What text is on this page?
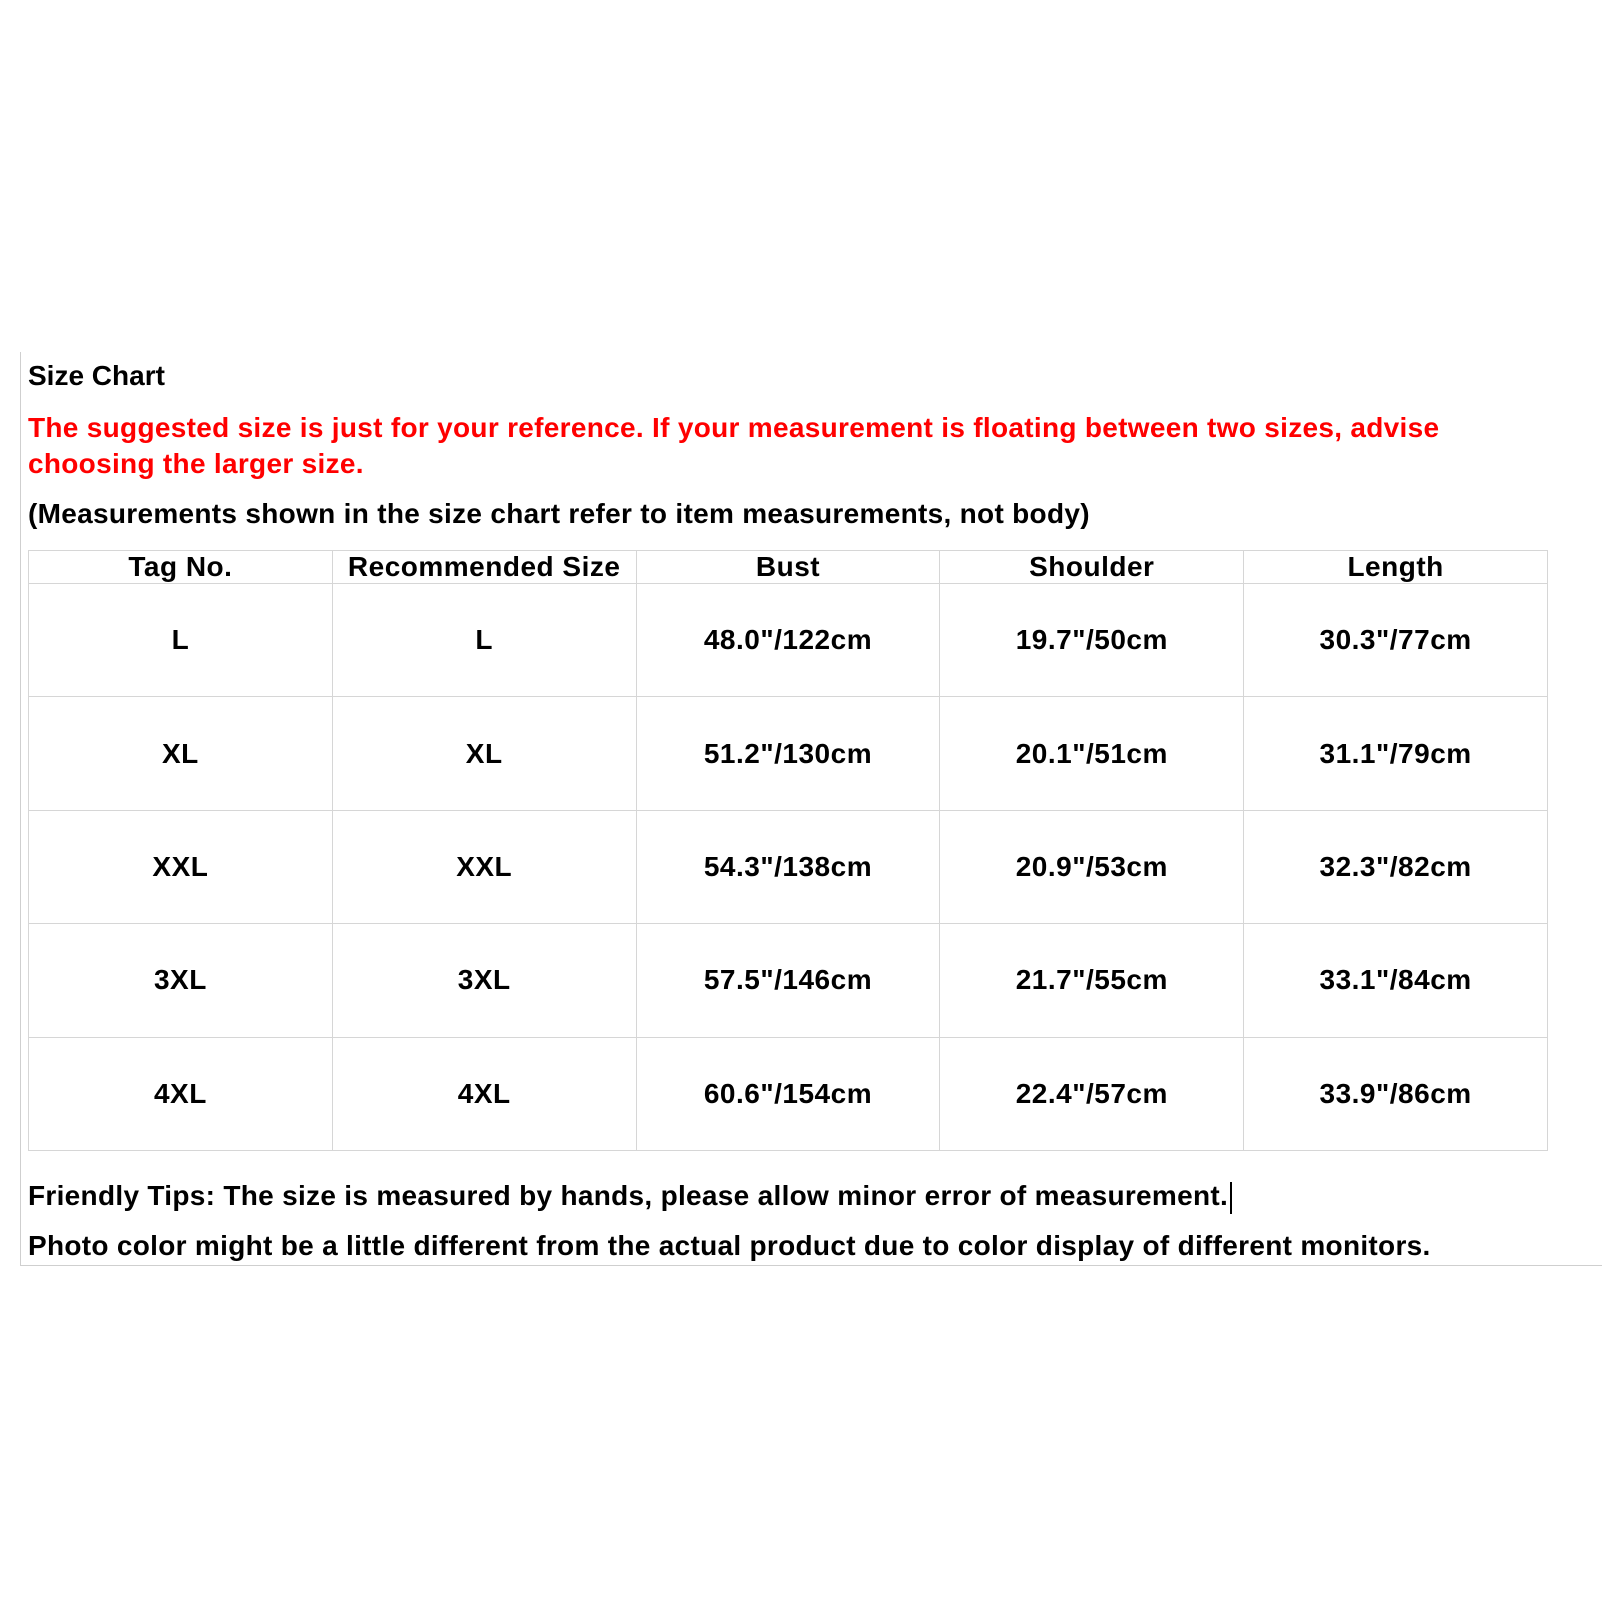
Size Chart
The suggested size is just for your reference. If your measurement is floating between two sizes, advise choosing the larger size.
(Measurements shown in the size chart refer to item measurements, not body)
Tag No.	Recommended Size	Bust	Shoulder	Length
L	L	48.0"/122cm	19.7"/50cm	30.3"/77cm
XL	XL	51.2"/130cm	20.1"/51cm	31.1"/79cm
XXL	XXL	54.3"/138cm	20.9"/53cm	32.3"/82cm
3XL	3XL	57.5"/146cm	21.7"/55cm	33.1"/84cm
4XL	4XL	60.6"/154cm	22.4"/57cm	33.9"/86cm
Friendly Tips: The size is measured by hands, please allow minor error of measurement.
Photo color might be a little different from the actual product due to color display of different monitors.
